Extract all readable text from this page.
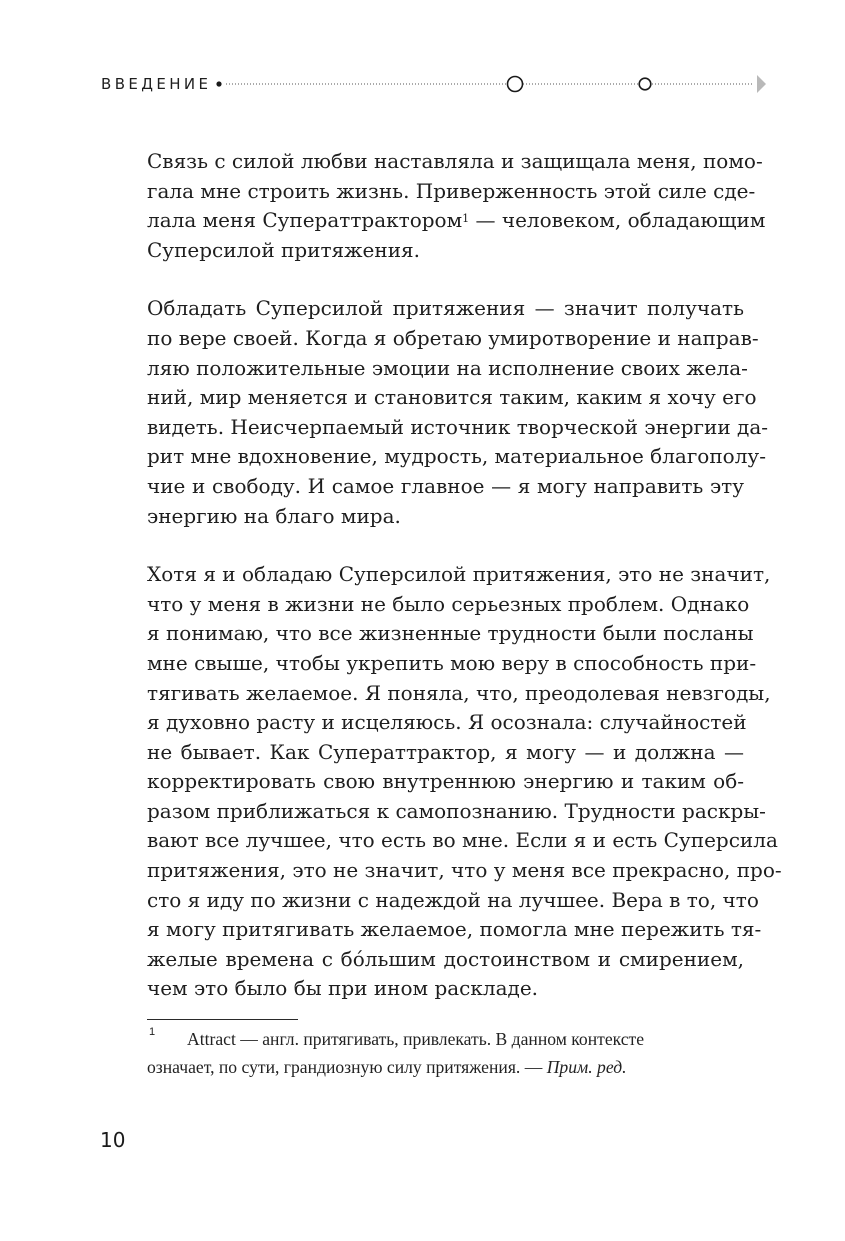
ВВЕДЕНИЕ

Связь с силой любви наставляла и защищала меня, помо-
гала мне строить жизнь. Приверженность этой силе сде-
лала меня Суператтрактором$^1$ — человеком, обладающим
Суперсилой притяжения.

Обладать Суперсилой притяжения — значит получать
по вере своей. Когда я обретаю умиротворение и направ-
ляю положительные эмоции на исполнение своих жела-
ний, мир меняется и становится таким, каким я хочу его
видеть. Неисчерпаемый источник творческой энергии да-
рит мне вдохновение, мудрость, материальное благополу-
чие и свободу. И самое главное — я могу направить эту
энергию на благо мира.

Хотя я и обладаю Суперсилой притяжения, это не значит,
что у меня в жизни не было серьезных проблем. Однако
я понимаю, что все жизненные трудности были посланы
мне свыше, чтобы укрепить мою веру в способность при-
тягивать желаемое. Я поняла, что, преодолевая невзгоды,
я духовно расту и исцеляюсь. Я осознала: случайностей
не бывает. Как Суператтрактор, я могу — и должна —
корректировать свою внутреннюю энергию и таким об-
разом приближаться к самопознанию. Трудности раскры-
вают все лучшее, что есть во мне. Если я и есть Суперсила
притяжения, это не значит, что у меня все прекрасно, про-
сто я иду по жизни с надеждой на лучшее. Вера в то, что
я могу притягивать желаемое, помогла мне пережить тя-
желые времена с бóльшим достоинством и смирением,
чем это было бы при ином раскладе.

1	Attract — англ. притягивать, привлекать. В данном контексте
означает, по сути, грандиозную силу притяжения. — Прим. ред.
10
